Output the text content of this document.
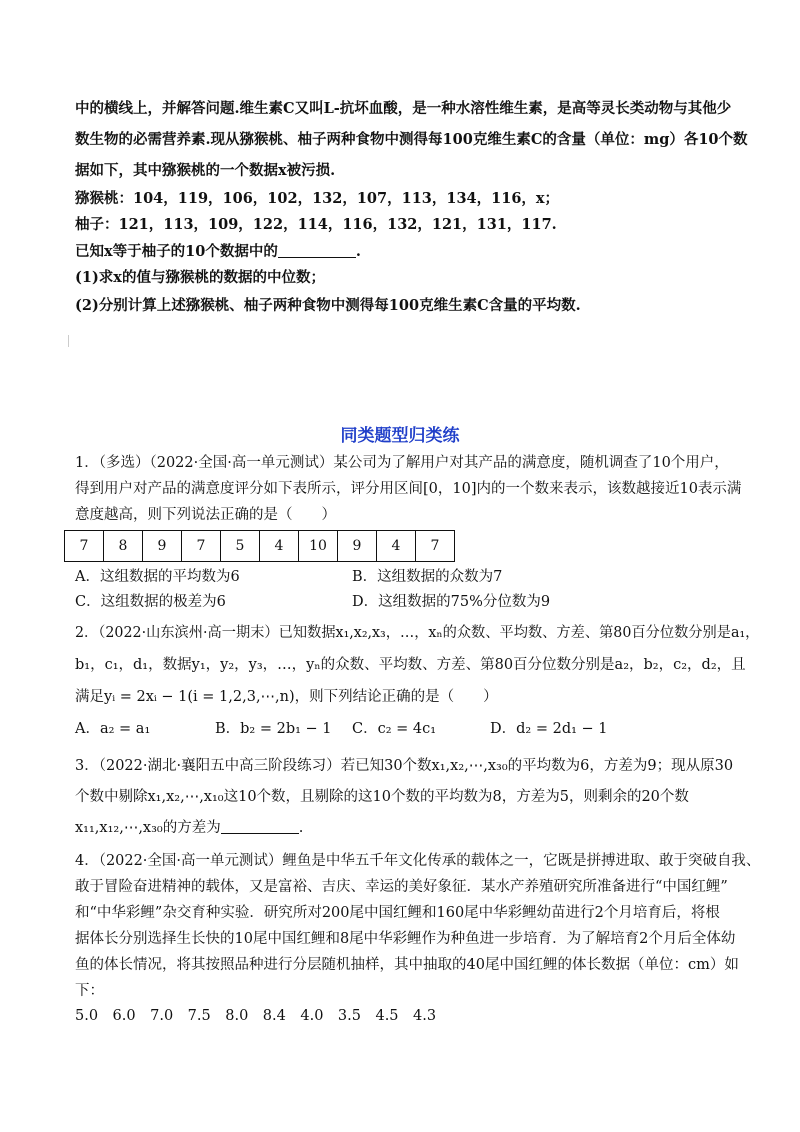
中的横线上，并解答问题.维生素C又叫L-抗坏血酸，是一种水溶性维生素，是高等灵长类动物与其他少
数生物的必需营养素.现从猕猴桃、柚子两种食物中测得每100克维生素C的含量（单位：mg）各10个数
据如下，其中猕猴桃的一个数据x被污损.
猕猴桃：104，119，106，102，132，107，113，134，116，x；
柚子：121，113，109，122，114，116，132，121，131，117.
已知x等于柚子的10个数据中的	.
(1)求x的值与猕猴桃的数据的中位数；
(2)分别计算上述猕猴桃、柚子两种食物中测得每100克维生素C含量的平均数.
同类题型归类练
1．（多选）（2022·全国·高一单元测试）某公司为了解用户对其产品的满意度，随机调查了10个用户，
得到用户对产品的满意度评分如下表所示，评分用区间[0，10]内的一个数来表示，该数越接近10表示满
意度越高，则下列说法正确的是（　　）
7	8	9	7	5	4	10	9	4	7
A．这组数据的平均数为6	B．这组数据的众数为7
C．这组数据的极差为6	D．这组数据的75%分位数为9
2．（2022·山东滨州·高一期末）已知数据x₁,x₂,x₃，…，xₙ的众数、平均数、方差、第80百分位数分别是a₁，
b₁，c₁，d₁，数据y₁，y₂，y₃，…，yₙ的众数、平均数、方差、第80百分位数分别是a₂，b₂，c₂，d₂，且
满足yᵢ = 2xᵢ − 1(i = 1,2,3,⋯,n)，则下列结论正确的是（　　）
A．a₂ = a₁	B．b₂ = 2b₁ − 1 C．c₂ = 4c₁	D．d₂ = 2d₁ − 1
3．（2022·湖北·襄阳五中高三阶段练习）若已知30个数x₁,x₂,⋯,x₃₀的平均数为6，方差为9；现从原30
个数中剔除x₁,x₂,⋯,x₁₀这10个数，且剔除的这10个数的平均数为8，方差为5，则剩余的20个数
x₁₁,x₁₂,⋯,x₃₀的方差为	.
4．（2022·全国·高一单元测试）鲤鱼是中华五千年文化传承的载体之一，它既是拼搏进取、敢于突破自我、
敢于冒险奋进精神的载体，又是富裕、吉庆、幸运的美好象征．某水产养殖研究所准备进行“中国红鲤”
和“中华彩鲤”杂交育种实验．研究所对200尾中国红鲤和160尾中华彩鲤幼苗进行2个月培育后，将根
据体长分别选择生长快的10尾中国红鲤和8尾中华彩鲤作为种鱼进一步培育．为了解培育2个月后全体幼
鱼的体长情况，将其按照品种进行分层随机抽样，其中抽取的40尾中国红鲤的体长数据（单位：cm）如
下：
5.0　6.0　7.0　7.5　8.0　8.4　4.0　3.5　4.5　4.3
